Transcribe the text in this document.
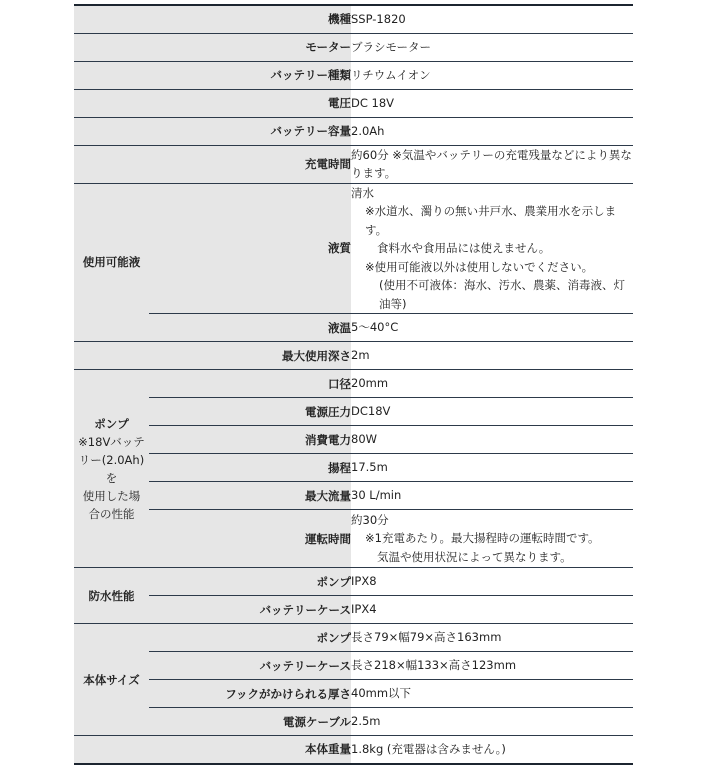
機種		SSP-1820
モーター		ブラシモーター
バッテリー種類		リチウムイオン
電圧		DC 18V
バッテリー容量		2.0Ah
充電時間		約60分 ※気温やバッテリーの充電残量などにより異なります。
使用可能液	液質	清水
※水道水、濁りの無い井戸水、農業用水を示します。
食料水や食用品には使えません。
※使用可能液以外は使用しないでください。
(使用不可液体：海水、汚水、農薬、消毒液、灯油等)

	液温	5～40°C
最大使用深さ		2m

ポンプ
※18Vバッテ
リー(2.0Ah)を
使用した場
合の性能	口径	20mm
	電源圧力	DC18V
	消費電力	80W
	揚程	17.5m
	最大流量	30 L/min
	運転時間	約30分
※1充電あたり。最大揚程時の運転時間です。
気温や使用状況によって異なります。

防水性能	ポンプ	IPX8
	バッテリーケース	IPX4
本体サイズ	ポンプ	長さ79×幅79×高さ163mm
	バッテリーケース	長さ218×幅133×高さ123mm
	フックがかけられる厚さ	40mm以下
	電源ケーブル	2.5m
本体重量		1.8kg (充電器は含みません。)
